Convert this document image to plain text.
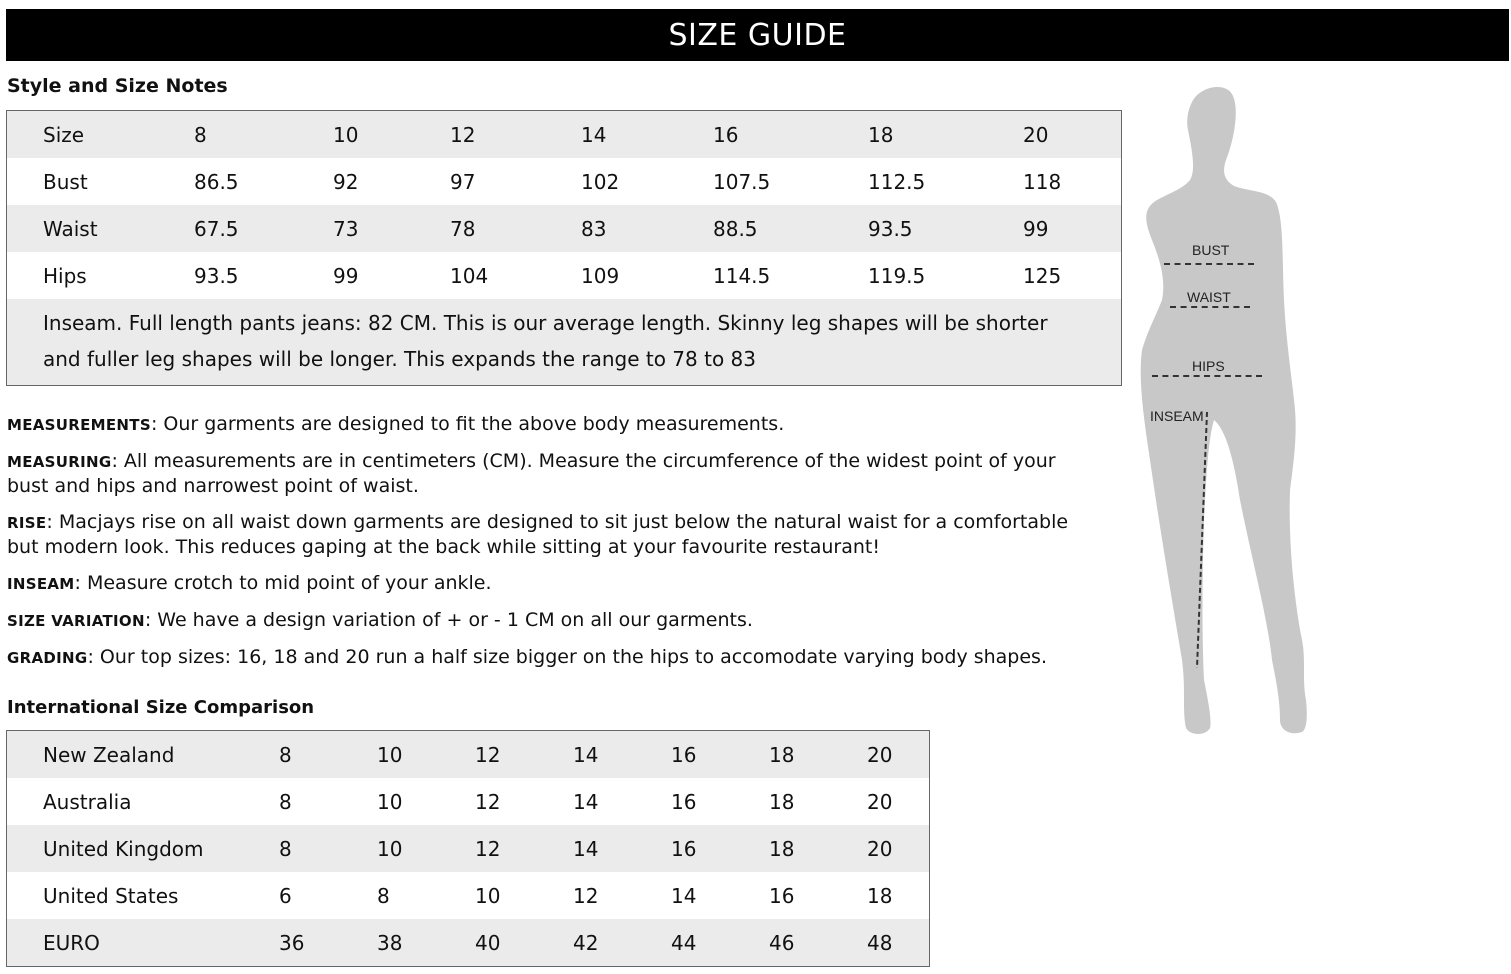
SIZE GUIDE
Style and Size Notes
Size	8	10	12	14	16	18	20
Bust	86.5	92	97	102	107.5	112.5	118
Waist	67.5	73	78	83	88.5	93.5	99
Hips	93.5	99	104	109	114.5	119.5	125
Inseam. Full length pants jeans: 82 CM. This is our average length. Skinny leg shapes will be shorter and fuller leg shapes will be longer. This expands the range to 78 to 83							

MEASUREMENTS: Our garments are designed to fit the above body measurements.

MEASURING: All measurements are in centimeters (CM). Measure the circumference of the widest point of your bust and hips and narrowest point of waist.

RISE: Macjays rise on all waist down garments are designed to sit just below the natural waist for a comfortable but modern look. This reduces gaping at the back while sitting at your favourite restaurant!

INSEAM: Measure crotch to mid point of your ankle.

SIZE VARIATION: We have a design variation of + or - 1 CM on all our garments.

GRADING: Our top sizes: 16, 18 and 20 run a half size bigger on the hips to accomodate varying body shapes.

International Size Comparison
New Zealand	8	10	12	14	16	18	20
Australia	8	10	12	14	16	18	20
United Kingdom	8	10	12	14	16	18	20
United States	6	8	10	12	14	16	18
EURO	36	38	40	42	44	46	48
BUST
WAIST
HIPS
INSEAM
